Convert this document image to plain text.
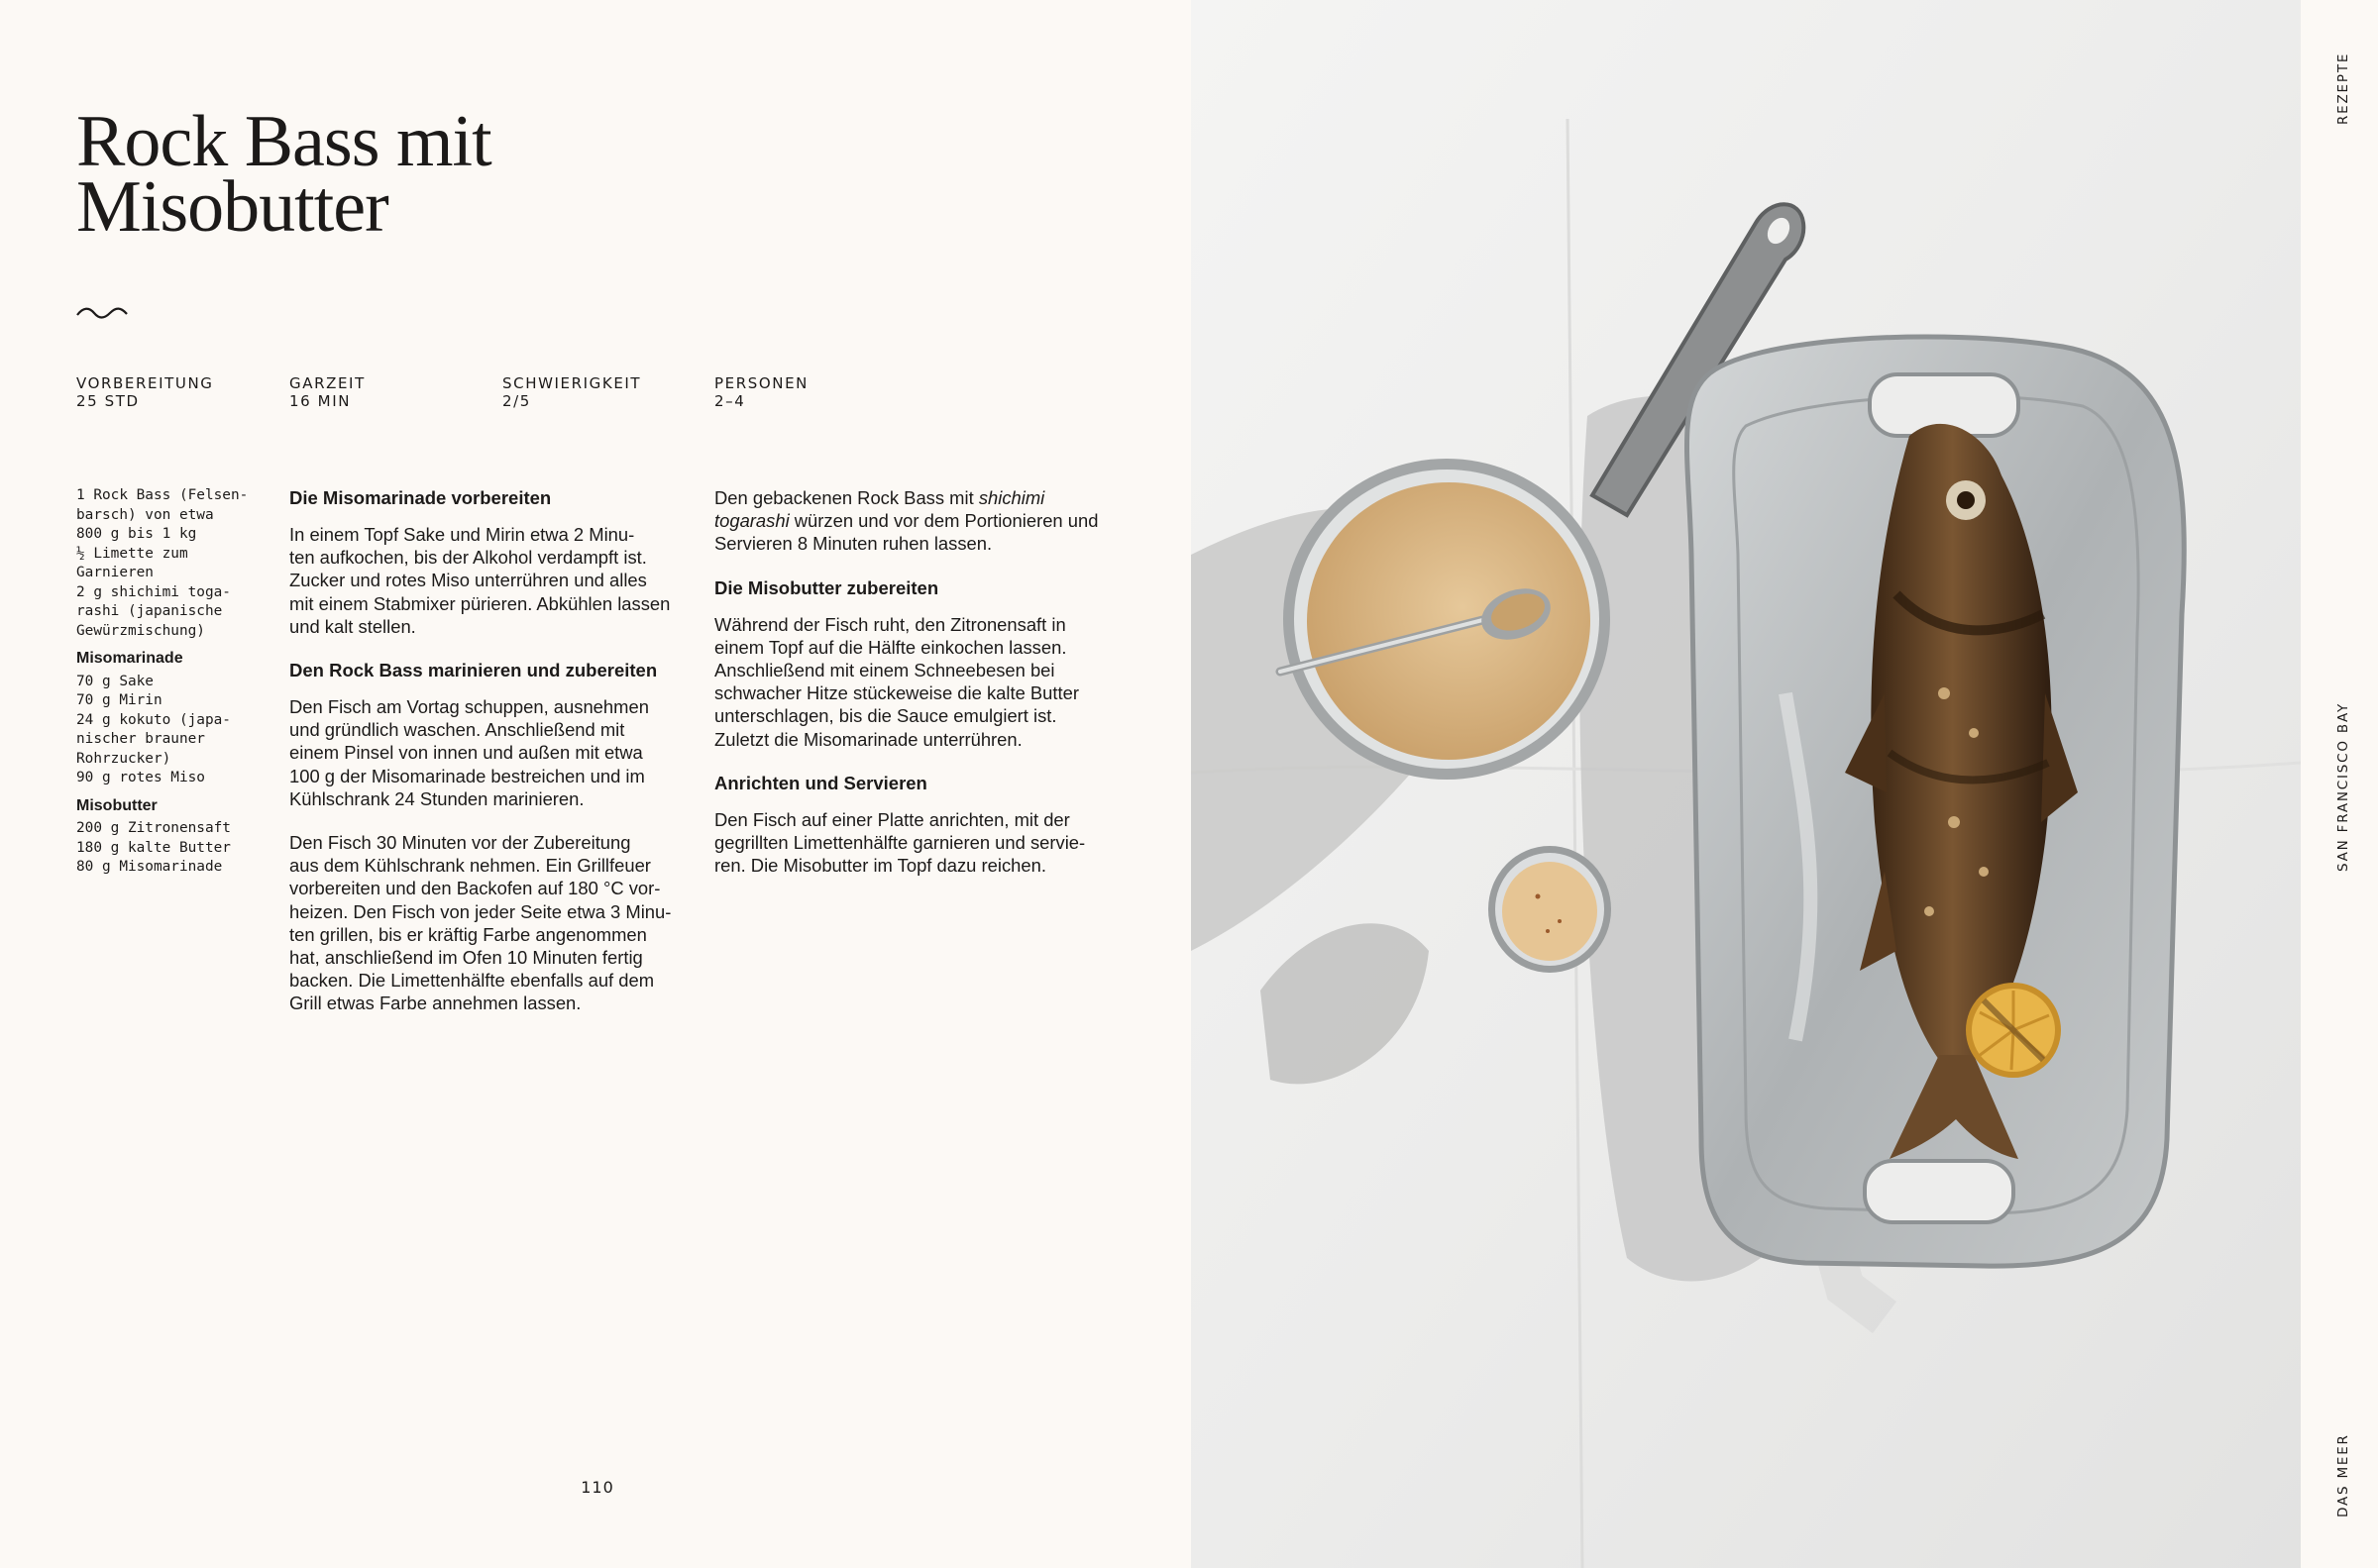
Rock Bass mit
Misobutter
VORBEREITUNG
25 STD
GARZEIT
16 MIN
SCHWIERIGKEIT
2/5
PERSONEN
2–4
1 Rock Bass (Felsen-
barsch) von etwa
800 g bis 1 kg
½ Limette zum
Garnieren
2 g shichimi toga-
rashi (japanische
Gewürzmischung)
Misomarinade
70 g Sake
70 g Mirin
24 g kokuto (japa-
nischer brauner
Rohrzucker)
90 g rotes Miso
Misobutter
200 g Zitronensaft
180 g kalte Butter
80 g Misomarinade
Die Misomarinade vorbereiten
In einem Topf Sake und Mirin etwa 2 Minu-
ten aufkochen, bis der Alkohol verdampft ist.
Zucker und rotes Miso unterrühren und alles
mit einem Stabmixer pürieren. Abkühlen lassen
und kalt stellen.
Den Rock Bass marinieren und zubereiten
Den Fisch am Vortag schuppen, ausnehmen
und gründlich waschen. Anschließend mit
einem Pinsel von innen und außen mit etwa
100 g der Misomarinade bestreichen und im
Kühlschrank 24 Stunden marinieren.
Den Fisch 30 Minuten vor der Zubereitung
aus dem Kühlschrank nehmen. Ein Grillfeuer
vorbereiten und den Backofen auf 180 °C vor-
heizen. Den Fisch von jeder Seite etwa 3 Minu-
ten grillen, bis er kräftig Farbe angenommen
hat, anschließend im Ofen 10 Minuten fertig
backen. Die Limettenhälfte ebenfalls auf dem
Grill etwas Farbe annehmen lassen.
Den gebackenen Rock Bass mit shichimi
togarashi würzen und vor dem Portionieren und
Servieren 8 Minuten ruhen lassen.
Die Misobutter zubereiten
Während der Fisch ruht, den Zitronensaft in
einem Topf auf die Hälfte einkochen lassen.
Anschließend mit einem Schneebesen bei
schwacher Hitze stückeweise die kalte Butter
unterschlagen, bis die Sauce emulgiert ist.
Zuletzt die Misomarinade unterrühren.
Anrichten und Servieren
Den Fisch auf einer Platte anrichten, mit der
gegrillten Limettenhälfte garnieren und servie-
ren. Die Misobutter im Topf dazu reichen.
110
REZEPTE
SAN FRANCISCO BAY
DAS MEER
